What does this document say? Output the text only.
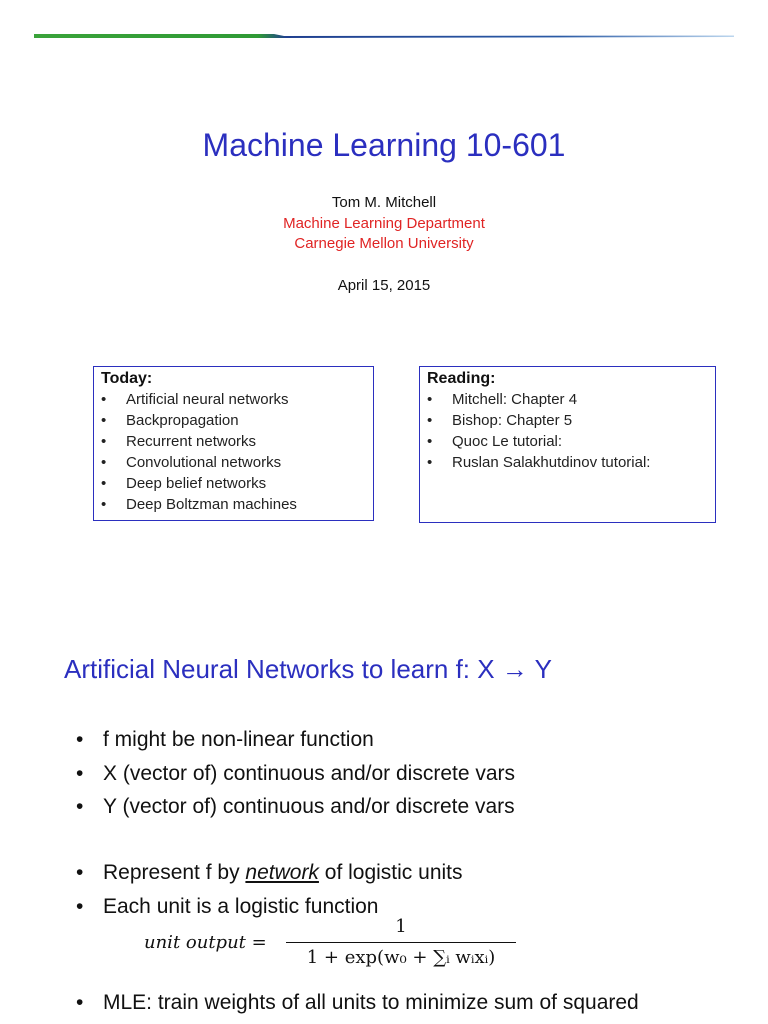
Machine Learning 10-601
Tom M. Mitchell
Machine Learning Department
Carnegie Mellon University
April 15, 2015
Today:
• Artificial neural networks
• Backpropagation
• Recurrent networks
• Convolutional networks
• Deep belief networks
• Deep Boltzman machines
Reading:
• Mitchell: Chapter 4
• Bishop: Chapter 5
• Quoc Le tutorial:
• Ruslan Salakhutdinov tutorial:
Artificial Neural Networks to learn f: X → Y
• f might be non-linear function
• X (vector of) continuous and/or discrete vars
• Y (vector of) continuous and/or discrete vars
• Represent f by network of logistic units
• Each unit is a logistic function
unit output =
1
1 + exp(w₀ + ∑ᵢ wᵢxᵢ)
• MLE: train weights of all units to minimize sum of squared
